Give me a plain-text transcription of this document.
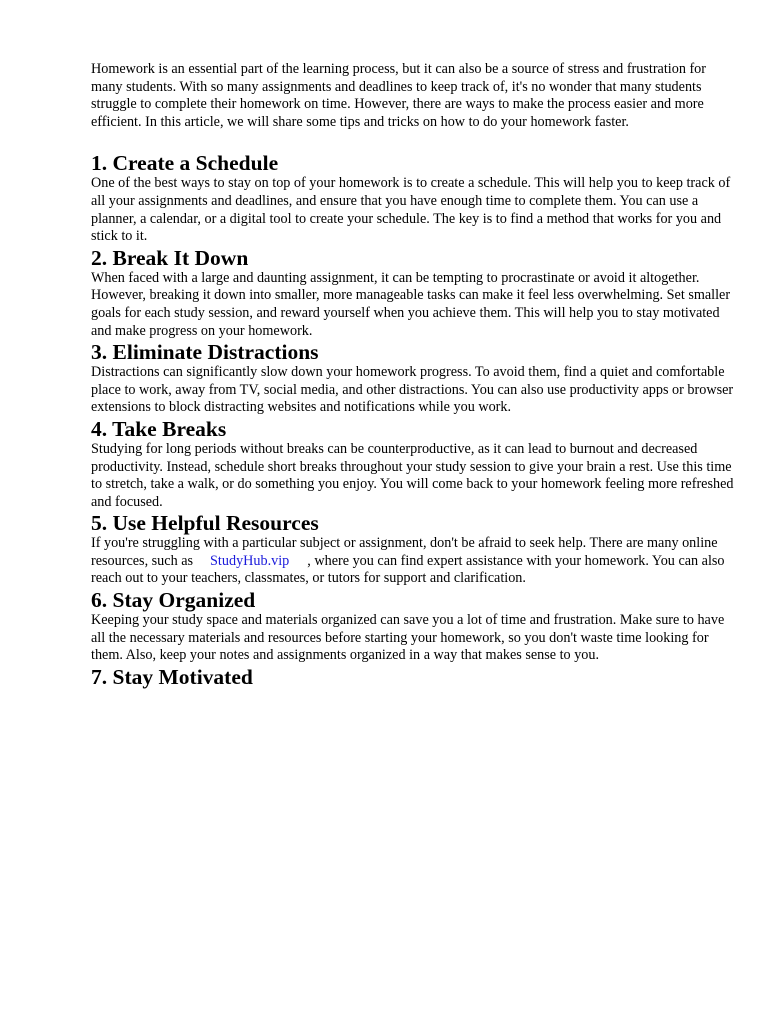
Homework is an essential part of the learning process, but it can also be a source of stress and frustration for many students. With so many assignments and deadlines to keep track of, it's no wonder that many students struggle to complete their homework on time. However, there are ways to make the process easier and more efficient. In this article, we will share some tips and tricks on how to do your homework faster.

1. Create a Schedule

One of the best ways to stay on top of your homework is to create a schedule. This will help you to keep track of all your assignments and deadlines, and ensure that you have enough time to complete them. You can use a planner, a calendar, or a digital tool to create your schedule. The key is to find a method that works for you and stick to it.

2. Break It Down

When faced with a large and daunting assignment, it can be tempting to procrastinate or avoid it altogether. However, breaking it down into smaller, more manageable tasks can make it feel less overwhelming. Set smaller goals for each study session, and reward yourself when you achieve them. This will help you to stay motivated and make progress on your homework.

3. Eliminate Distractions

Distractions can significantly slow down your homework progress. To avoid them, find a quiet and comfortable place to work, away from TV, social media, and other distractions. You can also use productivity apps or browser extensions to block distracting websites and notifications while you work.

4. Take Breaks

Studying for long periods without breaks can be counterproductive, as it can lead to burnout and decreased productivity. Instead, schedule short breaks throughout your study session to give your brain a rest. Use this time to stretch, take a walk, or do something you enjoy. You will come back to your homework feeling more refreshed and focused.

5. Use Helpful Resources

If you're struggling with a particular subject or assignment, don't be afraid to seek help. There are many online resources, such as StudyHub.vip , where you can find expert assistance with your homework. You can also reach out to your teachers, classmates, or tutors for support and clarification.

6. Stay Organized

Keeping your study space and materials organized can save you a lot of time and frustration. Make sure to have all the necessary materials and resources before starting your homework, so you don't waste time looking for them. Also, keep your notes and assignments organized in a way that makes sense to you.

7. Stay Motivated
